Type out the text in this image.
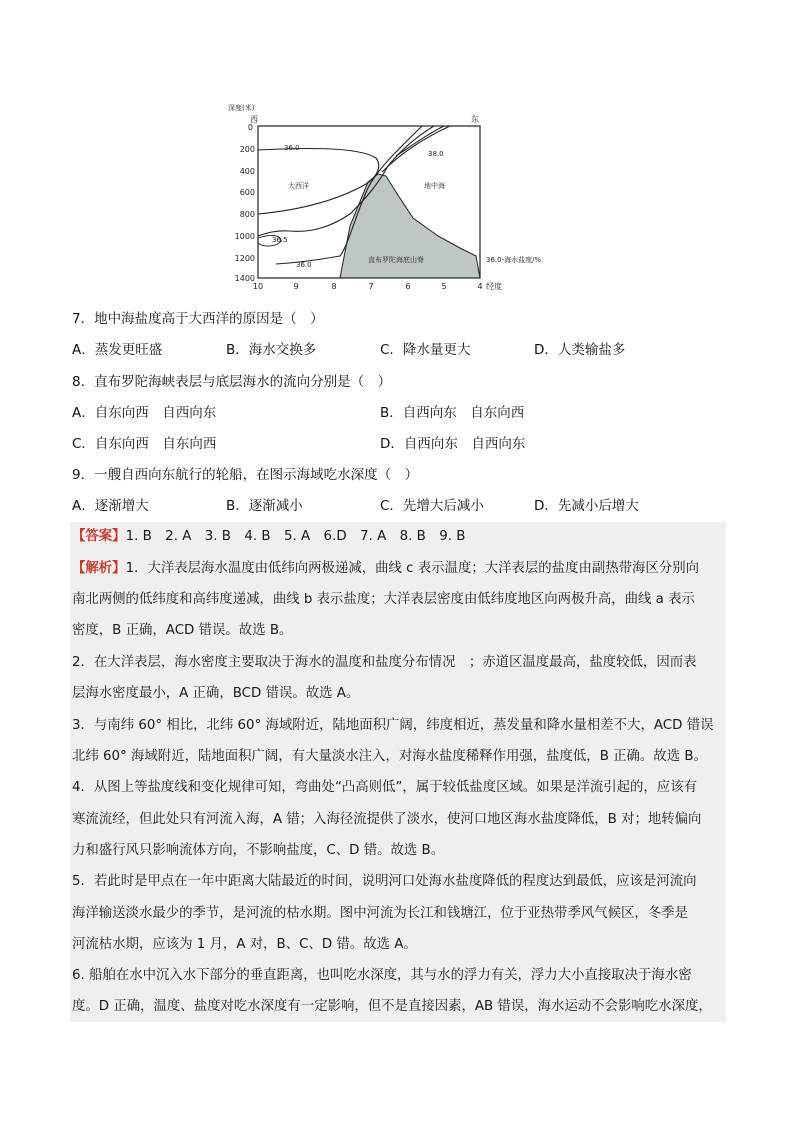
深度(米)
西	东
0
200
400
600
800
1000
1200
1400
10	9	8	7	6	5	4 经度
大西洋	地中海
直布罗陀海底山脊
36.0
36.5
36.0
38.0
36.0-海水盐度/%
7．地中海盐度高于大西洋的原因是（　）
A．蒸发更旺盛	B．海水交换多	C．降水量更大	D．人类输盐多
8．直布罗陀海峡表层与底层海水的流向分别是（　）
A．自东向西　自西向东	B．自西向东　自东向西
C．自东向西　自东向西	D．自西向东　自西向东
9．一艘自西向东航行的轮船，在图示海域吃水深度（　）
A．逐渐增大	B．逐渐减小	C．先增大后减小	D．先减小后增大
【答案】1. B　2. A　3. B　4. B　5. A　6.D　7. A　8. B　9. B
【解析】1．大洋表层海水温度由低纬向两极递减，曲线 c 表示温度；大洋表层的盐度由副热带海区分别向
南北两侧的低纬度和高纬度递减，曲线 b 表示盐度；大洋表层密度由低纬度地区向两极升高，曲线 a 表示
密度，B 正确，ACD 错误。故选 B。
2．在大洋表层，海水密度主要取决于海水的温度和盐度分布情况　；赤道区温度最高，盐度较低，因而表
层海水密度最小，A 正确，BCD 错误。故选 A。
3．与南纬 60° 相比，北纬 60° 海域附近，陆地面积广阔，纬度相近，蒸发量和降水量相差不大，ACD 错误
北纬 60° 海域附近，陆地面积广阔，有大量淡水注入，对海水盐度稀释作用强，盐度低，B 正确。故选 B。
4．从图上等盐度线和变化规律可知，弯曲处“凸高则低”，属于较低盐度区域。如果是洋流引起的，应该有
寒流流经，但此处只有河流入海，A 错；入海径流提供了淡水，使河口地区海水盐度降低，B 对；地转偏向
力和盛行风只影响流体方向，不影响盐度，C、D 错。故选 B。
5．若此时是甲点在一年中距离大陆最近的时间，说明河口处海水盐度降低的程度达到最低，应该是河流向
海洋输送淡水最少的季节，是河流的枯水期。图中河流为长江和钱塘江，位于亚热带季风气候区，冬季是
河流枯水期，应该为 1 月，A 对，B、C、D 错。故选 A。
6. 船舶在水中沉入水下部分的垂直距离，也叫吃水深度，其与水的浮力有关，浮力大小直接取决于海水密
度。D 正确，温度、盐度对吃水深度有一定影响，但不是直接因素，AB 错误，海水运动不会影响吃水深度，
